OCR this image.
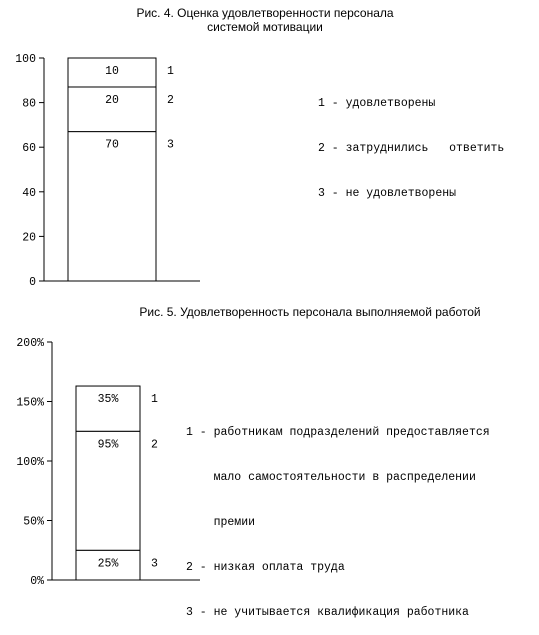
Рис. 4. Оценка удовлетворенности персонала
системой мотивации
100
80
60
40
20
0
70	3
20	2
10	1

1 - удовлетворены

2 - затруднились   ответить

3 - не удовлетворены

Рис. 5. Удовлетворенность персонала выполняемой работой
200%
150%
100%
50%
0%
25%	3
95%	2
35%	1

1 - работникам подразделений предоставляется

мало самостоятельности в распределении

премии

2 - низкая оплата труда

3 - не учитывается квалификация работника
